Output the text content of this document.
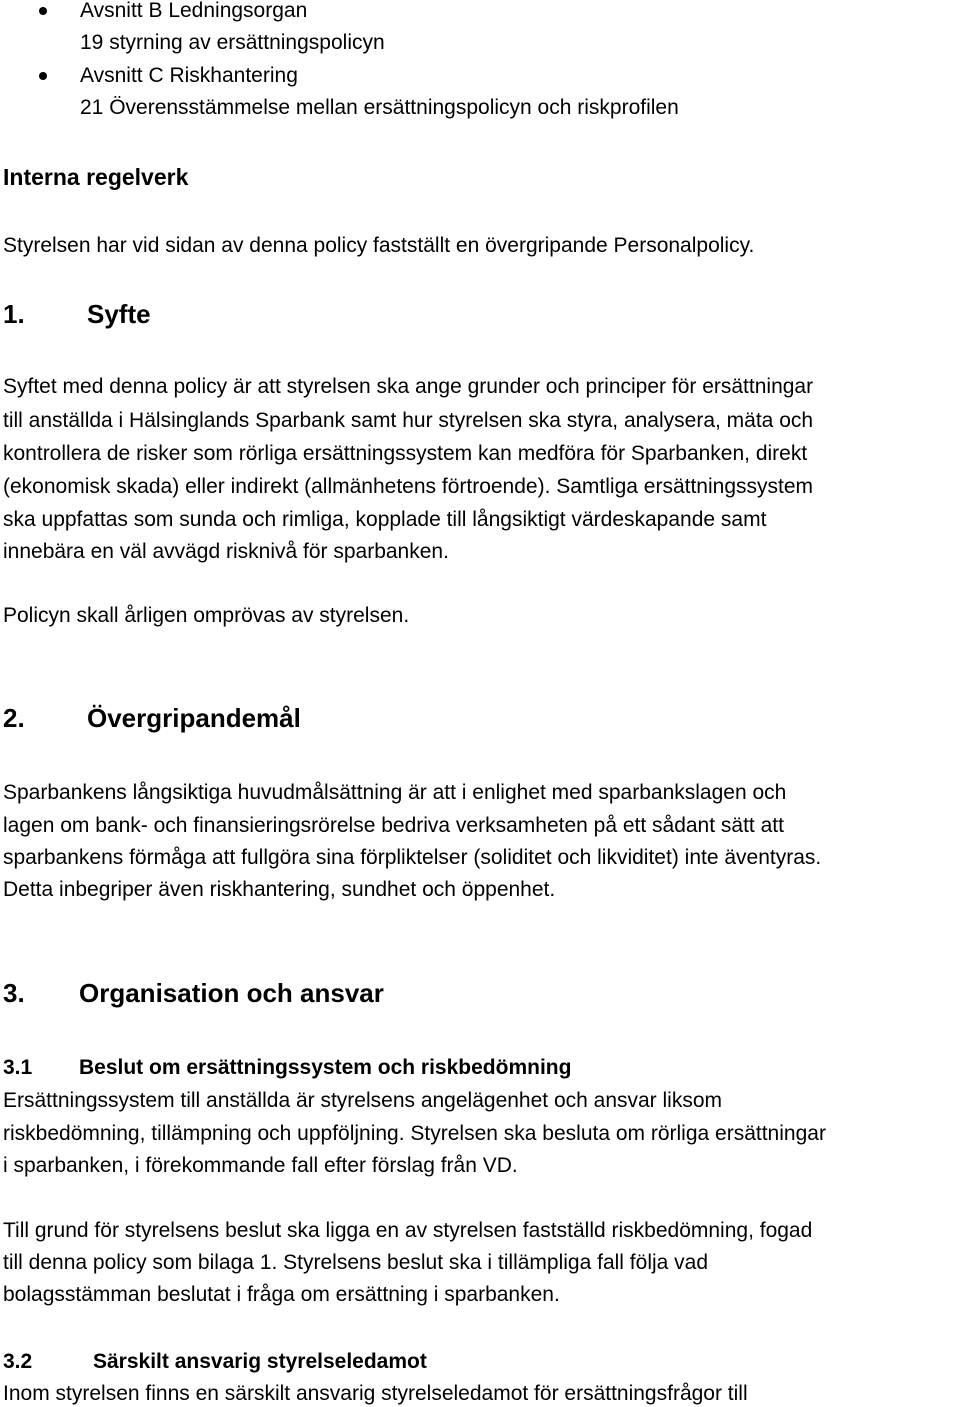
Avsnitt B Ledningsorgan
19 styrning av ersättningspolicyn
Avsnitt C Riskhantering
21 Överensstämmelse mellan ersättningspolicyn och riskprofilen
Interna regelverk
Styrelsen har vid sidan av denna policy fastställt en övergripande Personalpolicy.
1. Syfte
Syftet med denna policy är att styrelsen ska ange grunder och principer för ersättningar
till anställda i Hälsinglands Sparbank samt hur styrelsen ska styra, analysera, mäta och
kontrollera de risker som rörliga ersättningssystem kan medföra för Sparbanken, direkt
(ekonomisk skada) eller indirekt (allmänhetens förtroende). Samtliga ersättningssystem
ska uppfattas som sunda och rimliga, kopplade till långsiktigt värdeskapande samt
innebära en väl avvägd risknivå för sparbanken.
Policyn skall årligen omprövas av styrelsen.
2. Övergripandemål
Sparbankens långsiktiga huvudmålsättning är att i enlighet med sparbankslagen och
lagen om bank- och finansieringsrörelse bedriva verksamheten på ett sådant sätt att
sparbankens förmåga att fullgöra sina förpliktelser (soliditet och likviditet) inte äventyras.
Detta inbegriper även riskhantering, sundhet och öppenhet.
3. Organisation och ansvar
3.1 Beslut om ersättningssystem och riskbedömning
Ersättningssystem till anställda är styrelsens angelägenhet och ansvar liksom
riskbedömning, tillämpning och uppföljning. Styrelsen ska besluta om rörliga ersättningar
i sparbanken, i förekommande fall efter förslag från VD.
Till grund för styrelsens beslut ska ligga en av styrelsen fastställd riskbedömning, fogad
till denna policy som bilaga 1. Styrelsens beslut ska i tillämpliga fall följa vad
bolagsstämman beslutat i fråga om ersättning i sparbanken.
3.2	Särskilt ansvarig styrelseledamot
Inom styrelsen finns en särskilt ansvarig styrelseledamot för ersättningsfrågor till
